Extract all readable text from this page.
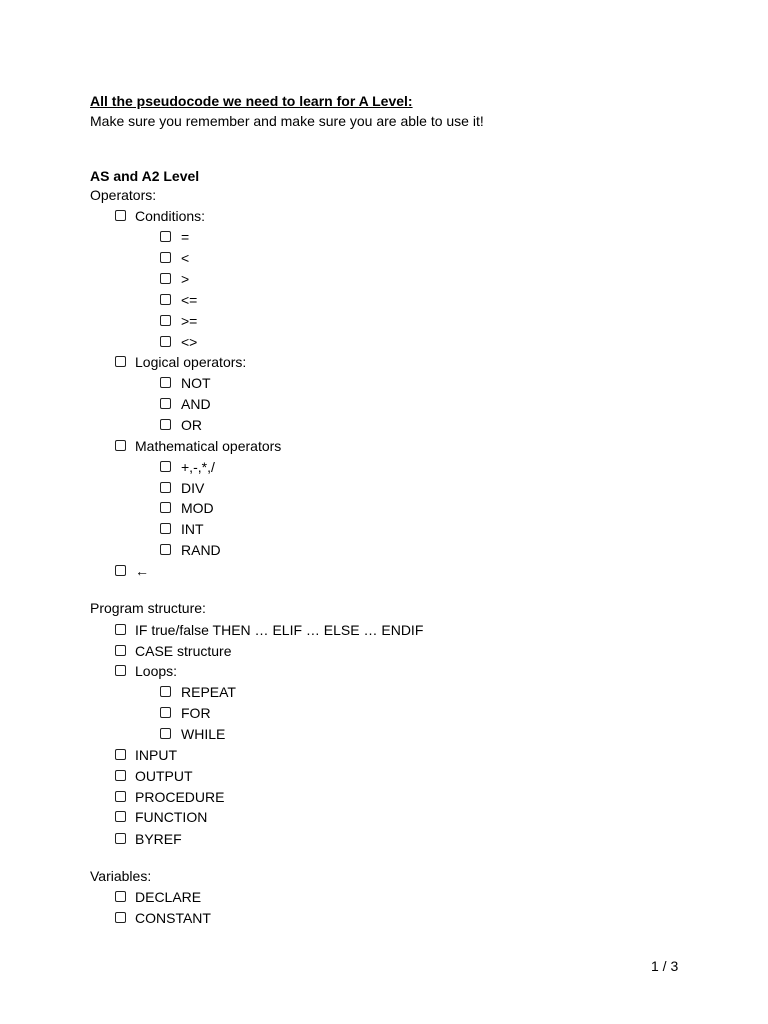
All the pseudocode we need to learn for A Level:
Make sure you remember and make sure you are able to use it!
AS and A2 Level
Operators:
Conditions:
=
<
>
<=
>=
<>
Logical operators:
NOT
AND
OR
Mathematical operators
+,-,*,/
DIV
MOD
INT
RAND
←
Program structure:
IF true/false THEN … ELIF … ELSE … ENDIF
CASE structure
Loops:
REPEAT
FOR
WHILE
INPUT
OUTPUT
PROCEDURE
FUNCTION
BYREF
Variables:
DECLARE
CONSTANT
1 / 3
